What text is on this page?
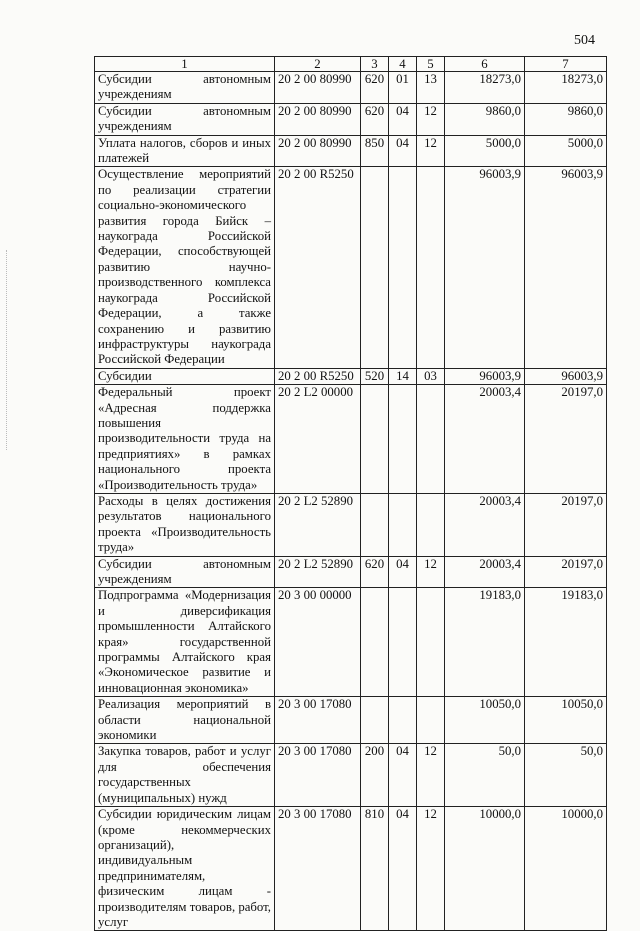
504
1	2	3	4	5	6	7
Субсидии автономным учреждениям	20 2 00 80990	620	01	13	18273,0	18273,0
Субсидии автономным учреждениям	20 2 00 80990	620	04	12	9860,0	9860,0
Уплата налогов, сборов и иных платежей	20 2 00 80990	850	04	12	5000,0	5000,0
Осуществление мероприятий по реализации стратегии социально-экономического развития города Бийск – наукограда Российской Федерации, способствующей развитию научно-производственного комплекса наукограда Российской Федерации, а также сохранению и развитию инфраструктуры наукограда Российской Федерации	20 2 00 R5250				96003,9	96003,9
Субсидии	20 2 00 R5250	520	14	03	96003,9	96003,9
Федеральный проект «Адресная поддержка повышения производительности труда на предприятиях» в рамках национального проекта «Производительность труда»	20 2 L2 00000				20003,4	20197,0
Расходы в целях достижения результатов национального проекта «Производительность труда»	20 2 L2 52890				20003,4	20197,0
Субсидии автономным учреждениям	20 2 L2 52890	620	04	12	20003,4	20197,0
Подпрограмма «Модернизация и диверсификация промышленности Алтайского края» государственной программы Алтайского края «Экономическое развитие и инновационная экономика»	20 3 00 00000				19183,0	19183,0
Реализация мероприятий в области национальной экономики	20 3 00 17080				10050,0	10050,0
Закупка товаров, работ и услуг для обеспечения государственных (муниципальных) нужд	20 3 00 17080	200	04	12	50,0	50,0
Субсидии юридическим лицам (кроме некоммерческих организаций), индивидуальным предпринимателям, физическим лицам - производителям товаров, работ, услуг	20 3 00 17080	810	04	12	10000,0	10000,0
